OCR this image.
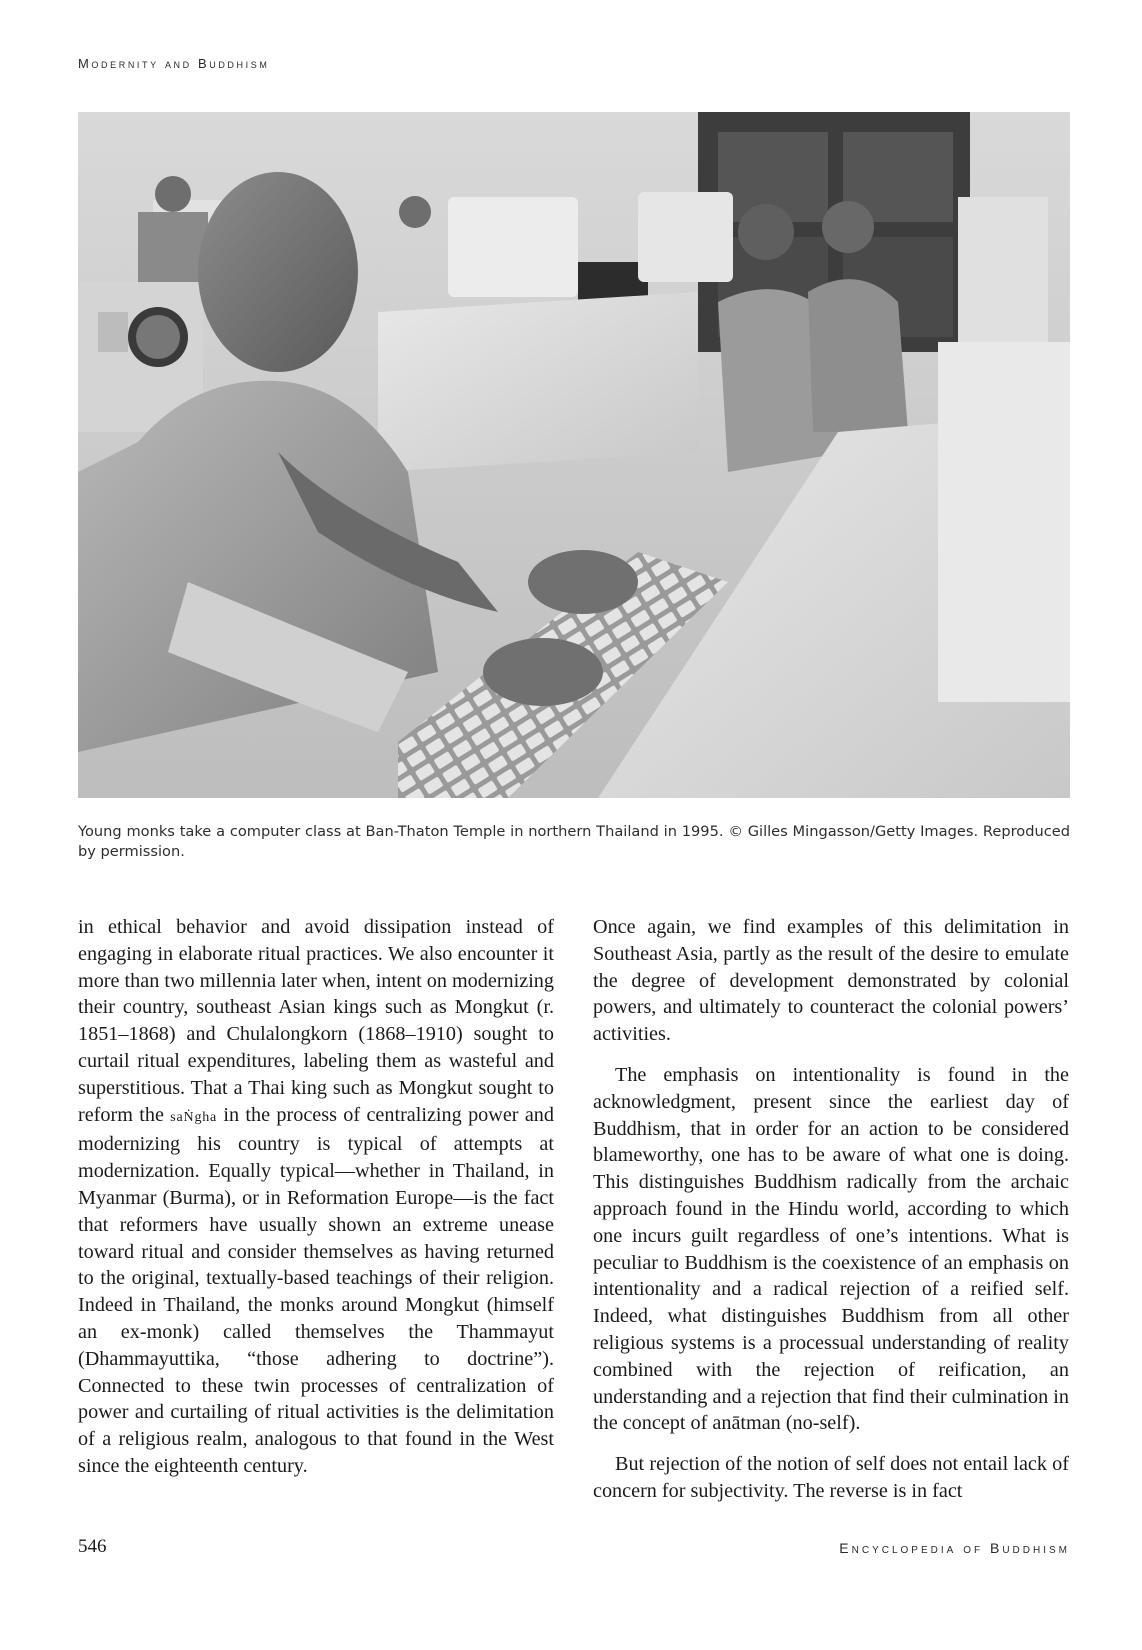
Modernity and Buddhism

Young monks take a computer class at Ban-Thaton Temple in northern Thailand in 1995. © Gilles Mingasson/Getty Images. Reproduced by permission.

in ethical behavior and avoid dissipation instead of engaging in elaborate ritual practices. We also encounter it more than two millennia later when, intent on modernizing their country, southeast Asian kings such as Mongkut (r. 1851–1868) and Chulalongkorn (1868–1910) sought to curtail ritual expenditures, labeling them as wasteful and superstitious. That a Thai king such as Mongkut sought to reform the saṄgha in the process of centralizing power and modernizing his country is typical of attempts at modernization. Equally typical—whether in Thailand, in Myanmar (Burma), or in Reformation Europe—is the fact that reformers have usually shown an extreme unease toward ritual and consider themselves as having returned to the original, textually-based teachings of their religion. Indeed in Thailand, the monks around Mongkut (himself an ex-monk) called themselves the Thammayut (Dhammayuttika, “those adhering to doctrine”). Connected to these twin processes of centralization of power and curtailing of ritual activities is the delimitation of a religious realm, analogous to that found in the West since the eighteenth century.

Once again, we find examples of this delimitation in Southeast Asia, partly as the result of the desire to emulate the degree of development demonstrated by colonial powers, and ultimately to counteract the colonial powers’ activities.

The emphasis on intentionality is found in the acknowledgment, present since the earliest day of Buddhism, that in order for an action to be considered blameworthy, one has to be aware of what one is doing. This distinguishes Buddhism radically from the archaic approach found in the Hindu world, according to which one incurs guilt regardless of one’s intentions. What is peculiar to Buddhism is the coexistence of an emphasis on intentionality and a radical rejection of a reified self. Indeed, what distinguishes Buddhism from all other religious systems is a processual understanding of reality combined with the rejection of reification, an understanding and a rejection that find their culmination in the concept of anātman (no-self).

But rejection of the notion of self does not entail lack of concern for subjectivity. The reverse is in fact

546	Encyclopedia of Buddhism
